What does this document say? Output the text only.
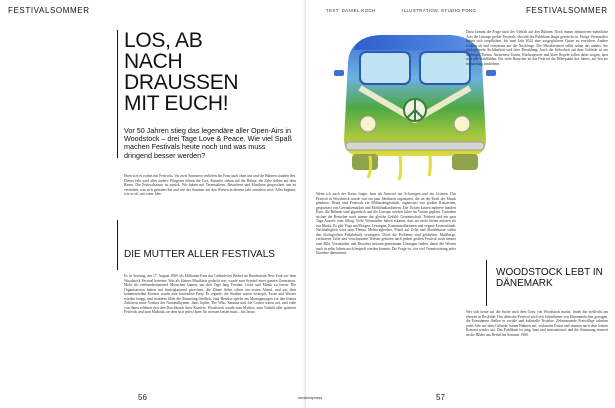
FESTIVALSOMMER
LOS, AB
NACH
DRAUSSEN
MIT EUCH!
Vor 50 Jahren stieg das legendäre aller Open-Airs in Woodstock – drei Tage Love & Peace. Wie viel Spaß machen Festivals heute noch und was muss dringend besser werden?
Eben war es vorbei mit Festivals. Vor zwei Sommern verliefen die Fans auch ohne uns und die Bühnen standen leer. Dieses Jahr wird alles anders: Pfingsten öffnen die Tore, Künstler stehen auf der Bühne, die Zelte stehen auf dem Rasen. Die Festivalsaison ist zurück. Wir haben mit Veranstaltern, Besuchern und Musikern gesprochen, um zu verstehen, was sich geändert hat und wie der Sommer auf den Wiesen in diesem Jahr aussehen wird. Alles beginnt, wie so oft, mit einer Idee.
DIE MUTTER ALLER FESTIVALS
Es ist Sonntag, der 17. August 1969, als Millionen Fans das Gelände bei Bethel im Bundesstaat New York vor dem Woodstock Festival betreten. Was als kleines Musikfest gedacht war, wurde zum Symbol einer ganzen Generation. Mehr als vierhunderttausend Menschen kamen, um drei Tage lang Frieden, Liebe und Musik zu feiern. Die Organisatoren hatten mit fünfzigtausend gerechnet, die Zäune fielen schon am ersten Abend, und aus dem kommerziellen Konzert wurde eine kostenlose Party. Es regnete, die Straßen waren verstopft, Essen und Wasser wurden knapp, und trotzdem blieb die Stimmung friedlich. Jimi Hendrix spielte am Montagmorgen vor den letzten Zuhörern seine Version der Nationalhymne. Janis Joplin, The Who, Santana und Joe Cocker traten auf, und viele von ihnen erlebten dort den Durchbruch ihrer Karriere. Woodstock wurde zum Mythos, zum Vorbild aller späteren Festivals und zum Maßstab, an dem sich jedes Open-Air messen lassen muss – bis heute.
56
TEXT: DANIEL KOCH	ILLUSTRATION: STUDIO PONG	FESTIVALSOMMER
Wenn ich nach der Kasse fragte, kam als Antwort nur Schweigen und ein Grinsen. Das Festival in Woodstock wurde von ein paar Idealisten organisiert, die an die Kraft der Musik glaubten. Heute sind Festivals ein Milliardengeschäft, organisiert von großen Konzernen, gesponsert von Getränkemarken und Mobilfunkanbietern. Die Tickets kosten mehrere hundert Euro, die Bühnen sind gigantisch und die Lineups werden Jahre im Voraus geplant. Trotzdem suchen die Besucher noch immer das gleiche Gefühl: Gemeinschaft, Freiheit und ein paar Tage Auszeit vom Alltag. Viele Veranstalter haben erkannt, dass sie mehr bieten müssen als nur Musik. Es gibt Yoga am Morgen, Lesungen, Kunstinstallationen und vegane Essensstände. Nachhaltigkeit wird zum Thema: Mehrwegbecher, Pfand auf Zelte und Shuttlebusse sollen den ökologischen Fußabdruck verringern. Doch die Probleme sind geblieben. Müllberge, verlassene Zelte und verschmutzte Wiesen gehören nach jedem großen Festival noch immer zum Bild. Veranstalter und Besucher müssen gemeinsam Lösungen finden, damit die Wiesen auch in zehn Jahren noch bespielt werden können. Die Frage ist, wie viel Verantwortung jeder Einzelne übernimmt.
Dazu kommt die Frage nach der Vielfalt auf den Bühnen. Noch immer dominieren männliche Acts die Lineups großer Festivals, obwohl das Publikum längst gemischt ist. Einige Veranstalter haben sich verpflichtet, bis zum Jahr 2022 eine ausgeglichene Quote zu erreichen. Andere winken ab und verweisen auf die Nachfrage. Die Musikerinnen selbst sehen das anders: Sie fordern mehr Sichtbarkeit und faire Bezahlung. Auch die Sicherheit auf dem Gelände ist ein wichtiges Thema. Awareness-Teams, Rückzugsorte und klare Regeln sollen dafür sorgen, dass sich alle wohlfühlen. Für viele Besucher ist das Festival der Höhepunkt des Jahres, auf den sie monatelang hinfiebern.
WOODSTOCK LEBT IN DÄNEMARK
Wer sich heute auf die Suche nach dem Geist von Woodstock macht, findet ihn vielleicht am ehesten in Roskilde. Das dänische Festival wird seit Jahrzehnten von Ehrenamtlichen getragen, die Einnahmen fließen in soziale und kulturelle Projekte. Zehntausende Freiwillige arbeiten jedes Jahr auf dem Gelände, bauen Bühnen auf, verkaufen Essen und räumen nach dem letzten Konzert wieder auf. Das Publikum ist jung, bunt und international, und die Stimmung erinnert an die Bilder aus Bethel im Sommer 1969.
57
musikexpress
